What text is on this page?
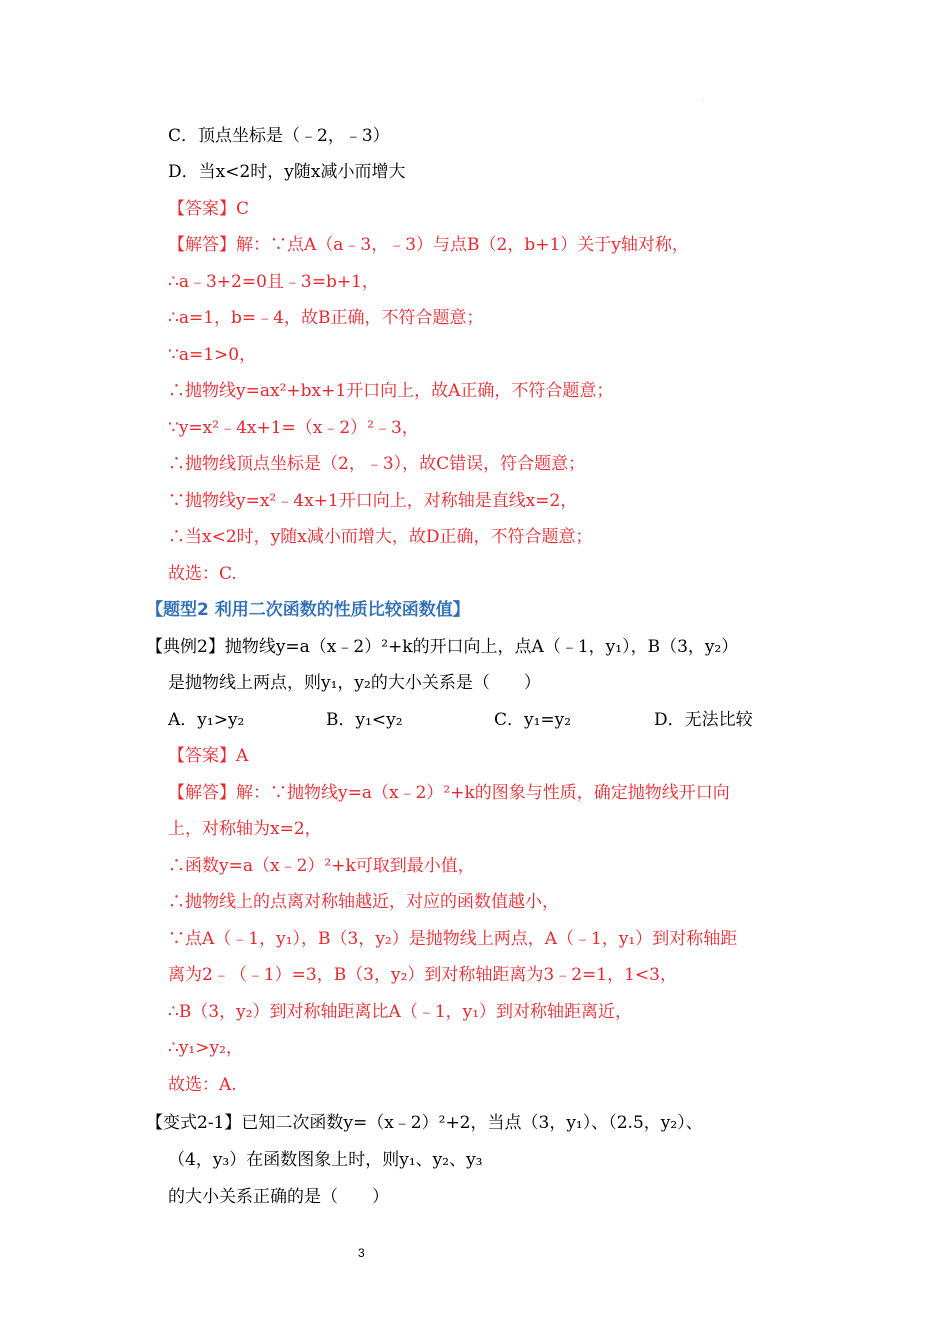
.
C．顶点坐标是（﹣2，﹣3）
D．当x<2时，y随x减小而增大
【答案】C
【解答】解：∵点A（a﹣3，﹣3）与点B（2，b+1）关于y轴对称，
∴a﹣3+2=0且﹣3=b+1，
∴a=1，b=﹣4，故B正确，不符合题意；
∵a=1>0，
∴抛物线y=ax²+bx+1开口向上，故A正确，不符合题意；
∵y=x²﹣4x+1=（x﹣2）²﹣3，
∴抛物线顶点坐标是（2，﹣3），故C错误，符合题意；
∵抛物线y=x²﹣4x+1开口向上，对称轴是直线x=2，
∴当x<2时，y随x减小而增大，故D正确，不符合题意；
故选：C.
【题型2 利用二次函数的性质比较函数值】
【典例2】抛物线y=a（x﹣2）²+k的开口向上，点A（﹣1，y₁），B（3，y₂）
是抛物线上两点，则y₁，y₂的大小关系是（　　）
A．y₁>y₂	B．y₁<y₂	C．y₁=y₂	D．无法比较
【答案】A
【解答】解：∵抛物线y=a（x﹣2）²+k的图象与性质，确定抛物线开口向
上，对称轴为x=2，
∴函数y=a（x﹣2）²+k可取到最小值，
∴抛物线上的点离对称轴越近，对应的函数值越小，
∵点A（﹣1，y₁），B（3，y₂）是抛物线上两点，A（﹣1，y₁）到对称轴距
离为2﹣（﹣1）=3，B（3，y₂）到对称轴距离为3﹣2=1，1<3，
∴B（3，y₂）到对称轴距离比A（﹣1，y₁）到对称轴距离近，
∴y₁>y₂，
故选：A.
【变式2-1】已知二次函数y=（x﹣2）²+2，当点（3，y₁）、（2.5，y₂）、
（4，y₃）在函数图象上时，则y₁、y₂、y₃
的大小关系正确的是（　　）
3
